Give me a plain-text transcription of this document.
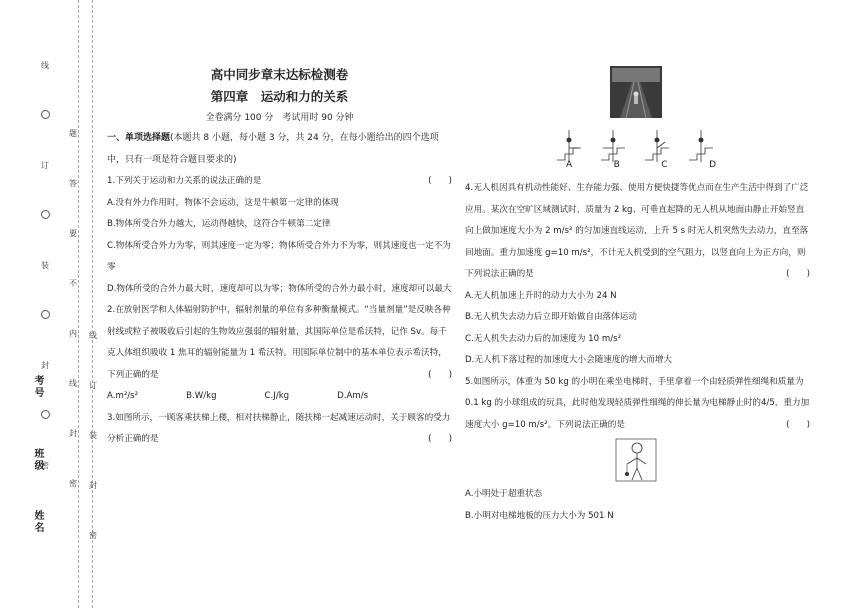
线
订
装
封
密
题
答
要
不
内
线
封
密
线
订
装
封
密
考号
班级
姓名
高中同步章末达标检测卷
第四章　运动和力的关系
全卷满分 100 分　考试用时 90 分钟

一、单项选择题(本题共 8 小题，每小题 3 分，共 24 分，在每小题给出的四个选项中，只有一项是符合题目要求的)

1.下列关于运动和力关系的说法正确的是	(　　)

A.没有外力作用时，物体不会运动，这是牛顿第一定律的体现

B.物体所受合外力越大，运动得越快，这符合牛顿第二定律

C.物体所受合外力为零，则其速度一定为零；物体所受合外力不为零，则其速度也一定不为零

D.物体所受的合外力最大时，速度却可以为零；物体所受的合外力最小时，速度却可以最大

2.在放射医学和人体辐射防护中，辐射剂量的单位有多种衡量模式。“当量剂量”是反映各种射线或粒子被吸收后引起的生物效应强弱的辐射量，其国际单位是希沃特，记作 Sv。每千克人体组织吸收 1 焦耳的辐射能量为 1 希沃特。用国际单位制中的基本单位表示希沃特，下列正确的是	(　　)
A.m²/s²	B.W/kg	C.J/kg	D.Am/s
3.如图所示，一顾客乘扶梯上楼，相对扶梯静止，随扶梯一起减速运动时，关于顾客的受力分析正确的是	(　　)
A	B	C	D
4.无人机因具有机动性能好、生存能力强、使用方便快捷等优点而在生产生活中得到了广泛应用。某次在空旷区域测试时，质量为 2 kg、可垂直起降的无人机从地面由静止开始竖直向上做加速度大小为 2 m/s² 的匀加速直线运动，上升 5 s 时无人机突然失去动力，直至落回地面。重力加速度 g=10 m/s²，不计无人机受到的空气阻力，以竖直向上为正方向，则下列说法正确的是	(　　)

A.无人机加速上升时的动力大小为 24 N

B.无人机失去动力后立即开始做自由落体运动

C.无人机失去动力后的加速度为 10 m/s²

D.无人机下落过程的加速度大小会随速度的增大而增大

5.如图所示，体重为 50 kg 的小明在乘坐电梯时，手里拿着一个由轻质弹性细绳和质量为 0.1 kg 的小球组成的玩具，此时他发现轻质弹性细绳的伸长量为电梯静止时的4/5，重力加速度大小 g=10 m/s²。下列说法正确的是	(　　)

A.小明处于超重状态

B.小明对电梯地板的压力大小为 501 N
